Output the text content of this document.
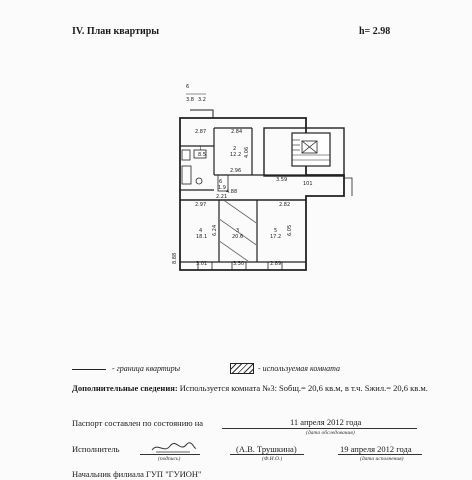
IV. План квартиры	h= 2.98
6
3.8 3.2
1
8.5
2
12.2
3
20.6
4
18.1
5
17.2
6
1.9
2.87	2.84
2.96
4.06
2.21
4.88
3.59
101
2.97	2.82
3.01	3.30	2.89
6.24	6.05
8.88
- граница квартиры	- используемая комната
Дополнительные сведения: Используется комната №3: Sобщ.= 20,6 кв.м, в т.ч. Sжил.= 20,6 кв.м.
Паспорт составлен по состоянию на	11 апреля 2012 года
(дата обследования)
Исполнитель
(подпись)
(А.В. Трушкина)
(Ф.И.О.)
19 апреля 2012 года
(дата исполнения)
Начальник филиала ГУП "ГУИОН"
